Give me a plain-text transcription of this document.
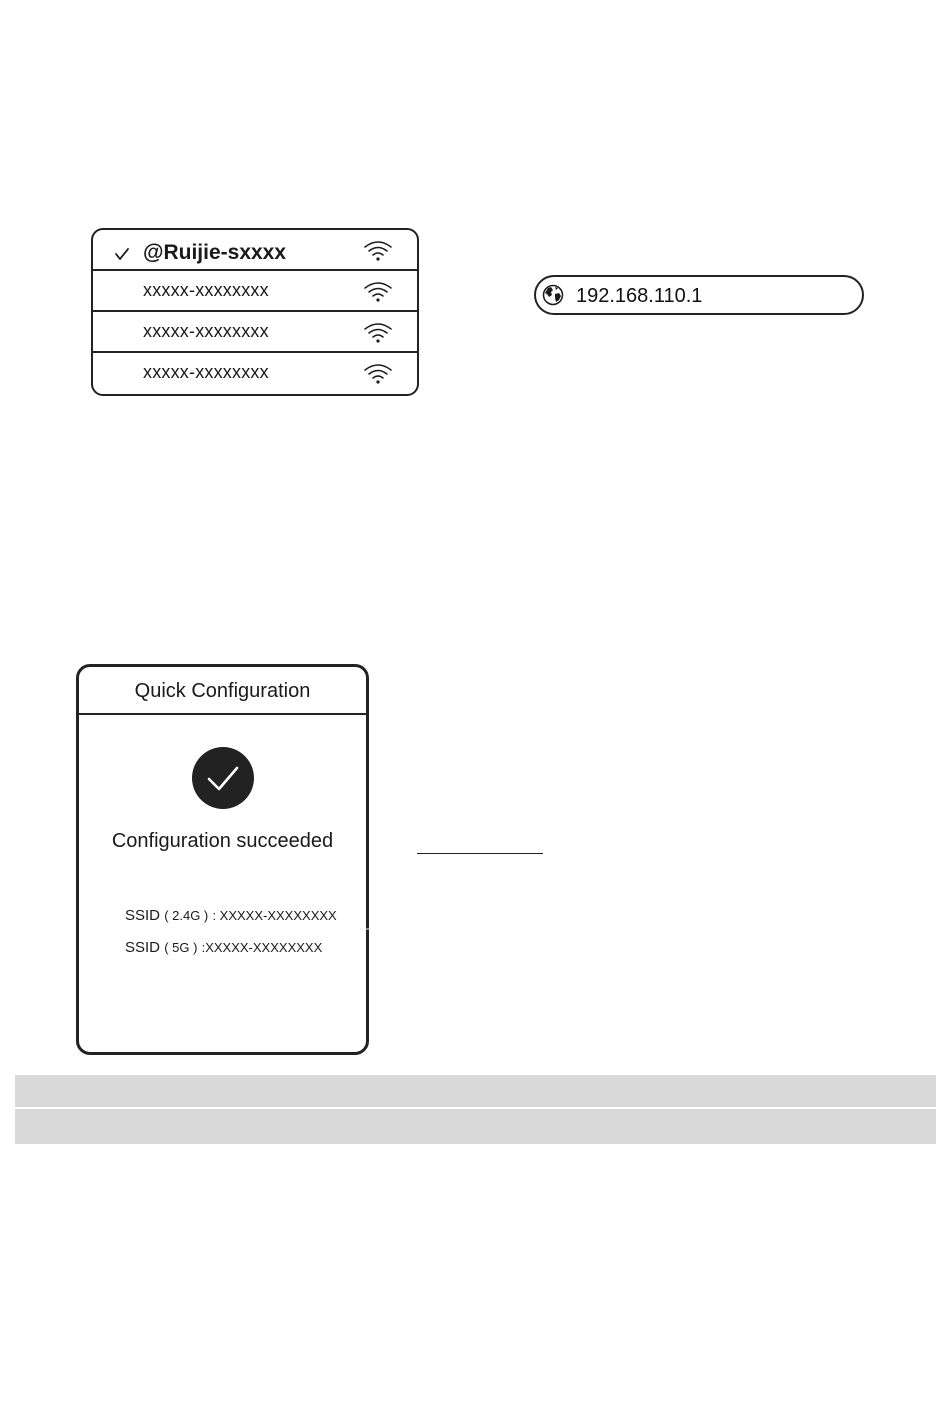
@Ruijie-sxxxx
xxxxx-xxxxxxxx
xxxxx-xxxxxxxx
xxxxx-xxxxxxxx
192.168.110.1
Quick Configuration
Configuration succeeded
SSID ( 2.4G ) : XXXXX-XXXXXXXX
SSID ( 5G ) :XXXXX-XXXXXXXX
